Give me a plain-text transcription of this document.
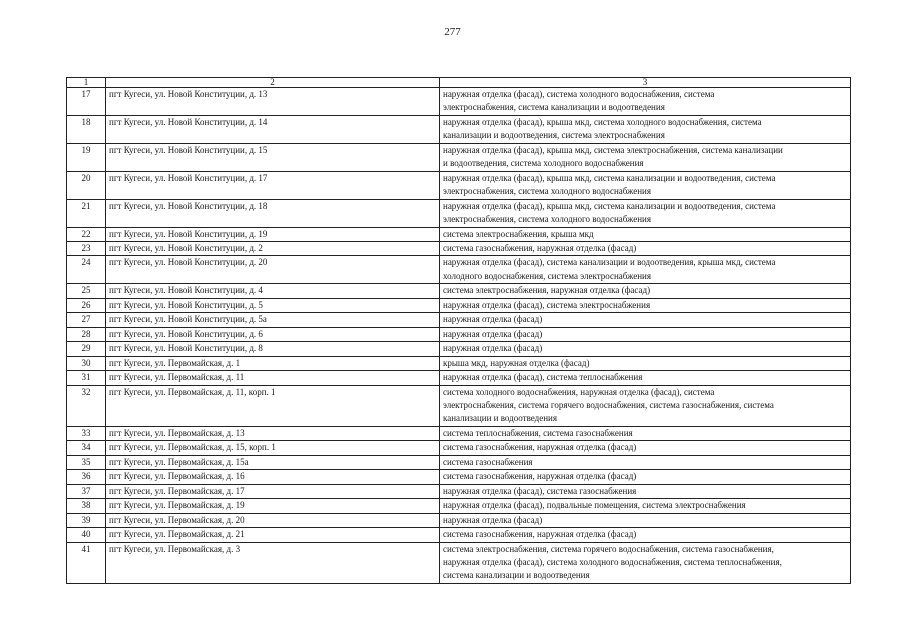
277
1	2	3
17	пгт Кугеси, ул. Новой Конституции, д. 13	наружная отделка (фасад), система холодного водоснабжения, система
электроснабжения, система канализации и водоотведения

18	пгт Кугеси, ул. Новой Конституции, д. 14	наружная отделка (фасад), крыша мкд, система холодного водоснабжения, система
канализации и водоотведения, система электроснабжения

19	пгт Кугеси, ул. Новой Конституции, д. 15	наружная отделка (фасад), крыша мкд, система электроснабжения, система канализации
и водоотведения, система холодного водоснабжения

20	пгт Кугеси, ул. Новой Конституции, д. 17	наружная отделка (фасад), крыша мкд, система канализации и водоотведения, система
электроснабжения, система холодного водоснабжения

21	пгт Кугеси, ул. Новой Конституции, д. 18	наружная отделка (фасад), крыша мкд, система канализации и водоотведения, система
электроснабжения, система холодного водоснабжения

22	пгт Кугеси, ул. Новой Конституции, д. 19	система электроснабжения, крыша мкд

23	пгт Кугеси, ул. Новой Конституции, д. 2	система газоснабжения, наружная отделка (фасад)

24	пгт Кугеси, ул. Новой Конституции, д. 20	наружная отделка (фасад), система канализации и водоотведения, крыша мкд, система
холодного водоснабжения, система электроснабжения

25	пгт Кугеси, ул. Новой Конституции, д. 4	система электроснабжения, наружная отделка (фасад)

26	пгт Кугеси, ул. Новой Конституции, д. 5	наружная отделка (фасад), система электроснабжения

27	пгт Кугеси, ул. Новой Конституции, д. 5а	наружная отделка (фасад)

28	пгт Кугеси, ул. Новой Конституции, д. 6	наружная отделка (фасад)

29	пгт Кугеси, ул. Новой Конституции, д. 8	наружная отделка (фасад)

30	пгт Кугеси, ул. Первомайская, д. 1	крыша мкд, наружная отделка (фасад)

31	пгт Кугеси, ул. Первомайская, д. 11	наружная отделка (фасад), система теплоснабжения

32	пгт Кугеси, ул. Первомайская, д. 11, корп. 1	система холодного водоснабжения, наружная отделка (фасад), система
электроснабжения, система горячего водоснабжения, система газоснабжения, система
канализации и водоотведения

33	пгт Кугеси, ул. Первомайская, д. 13	система теплоснабжения, система газоснабжения

34	пгт Кугеси, ул. Первомайская, д. 15, корп. 1	система газоснабжения, наружная отделка (фасад)

35	пгт Кугеси, ул. Первомайская, д. 15а	система газоснабжения

36	пгт Кугеси, ул. Первомайская, д. 16	система газоснабжения, наружная отделка (фасад)

37	пгт Кугеси, ул. Первомайская, д. 17	наружная отделка (фасад), система газоснабжения

38	пгт Кугеси, ул. Первомайская, д. 19	наружная отделка (фасад), подвальные помещения, система электроснабжения

39	пгт Кугеси, ул. Первомайская, д. 20	наружная отделка (фасад)

40	пгт Кугеси, ул. Первомайская, д. 21	система газоснабжения, наружная отделка (фасад)

41	пгт Кугеси, ул. Первомайская, д. 3	система электроснабжения, система горячего водоснабжения, система газоснабжения,
наружная отделка (фасад), система холодного водоснабжения, система теплоснабжения,
система канализации и водоотведения
